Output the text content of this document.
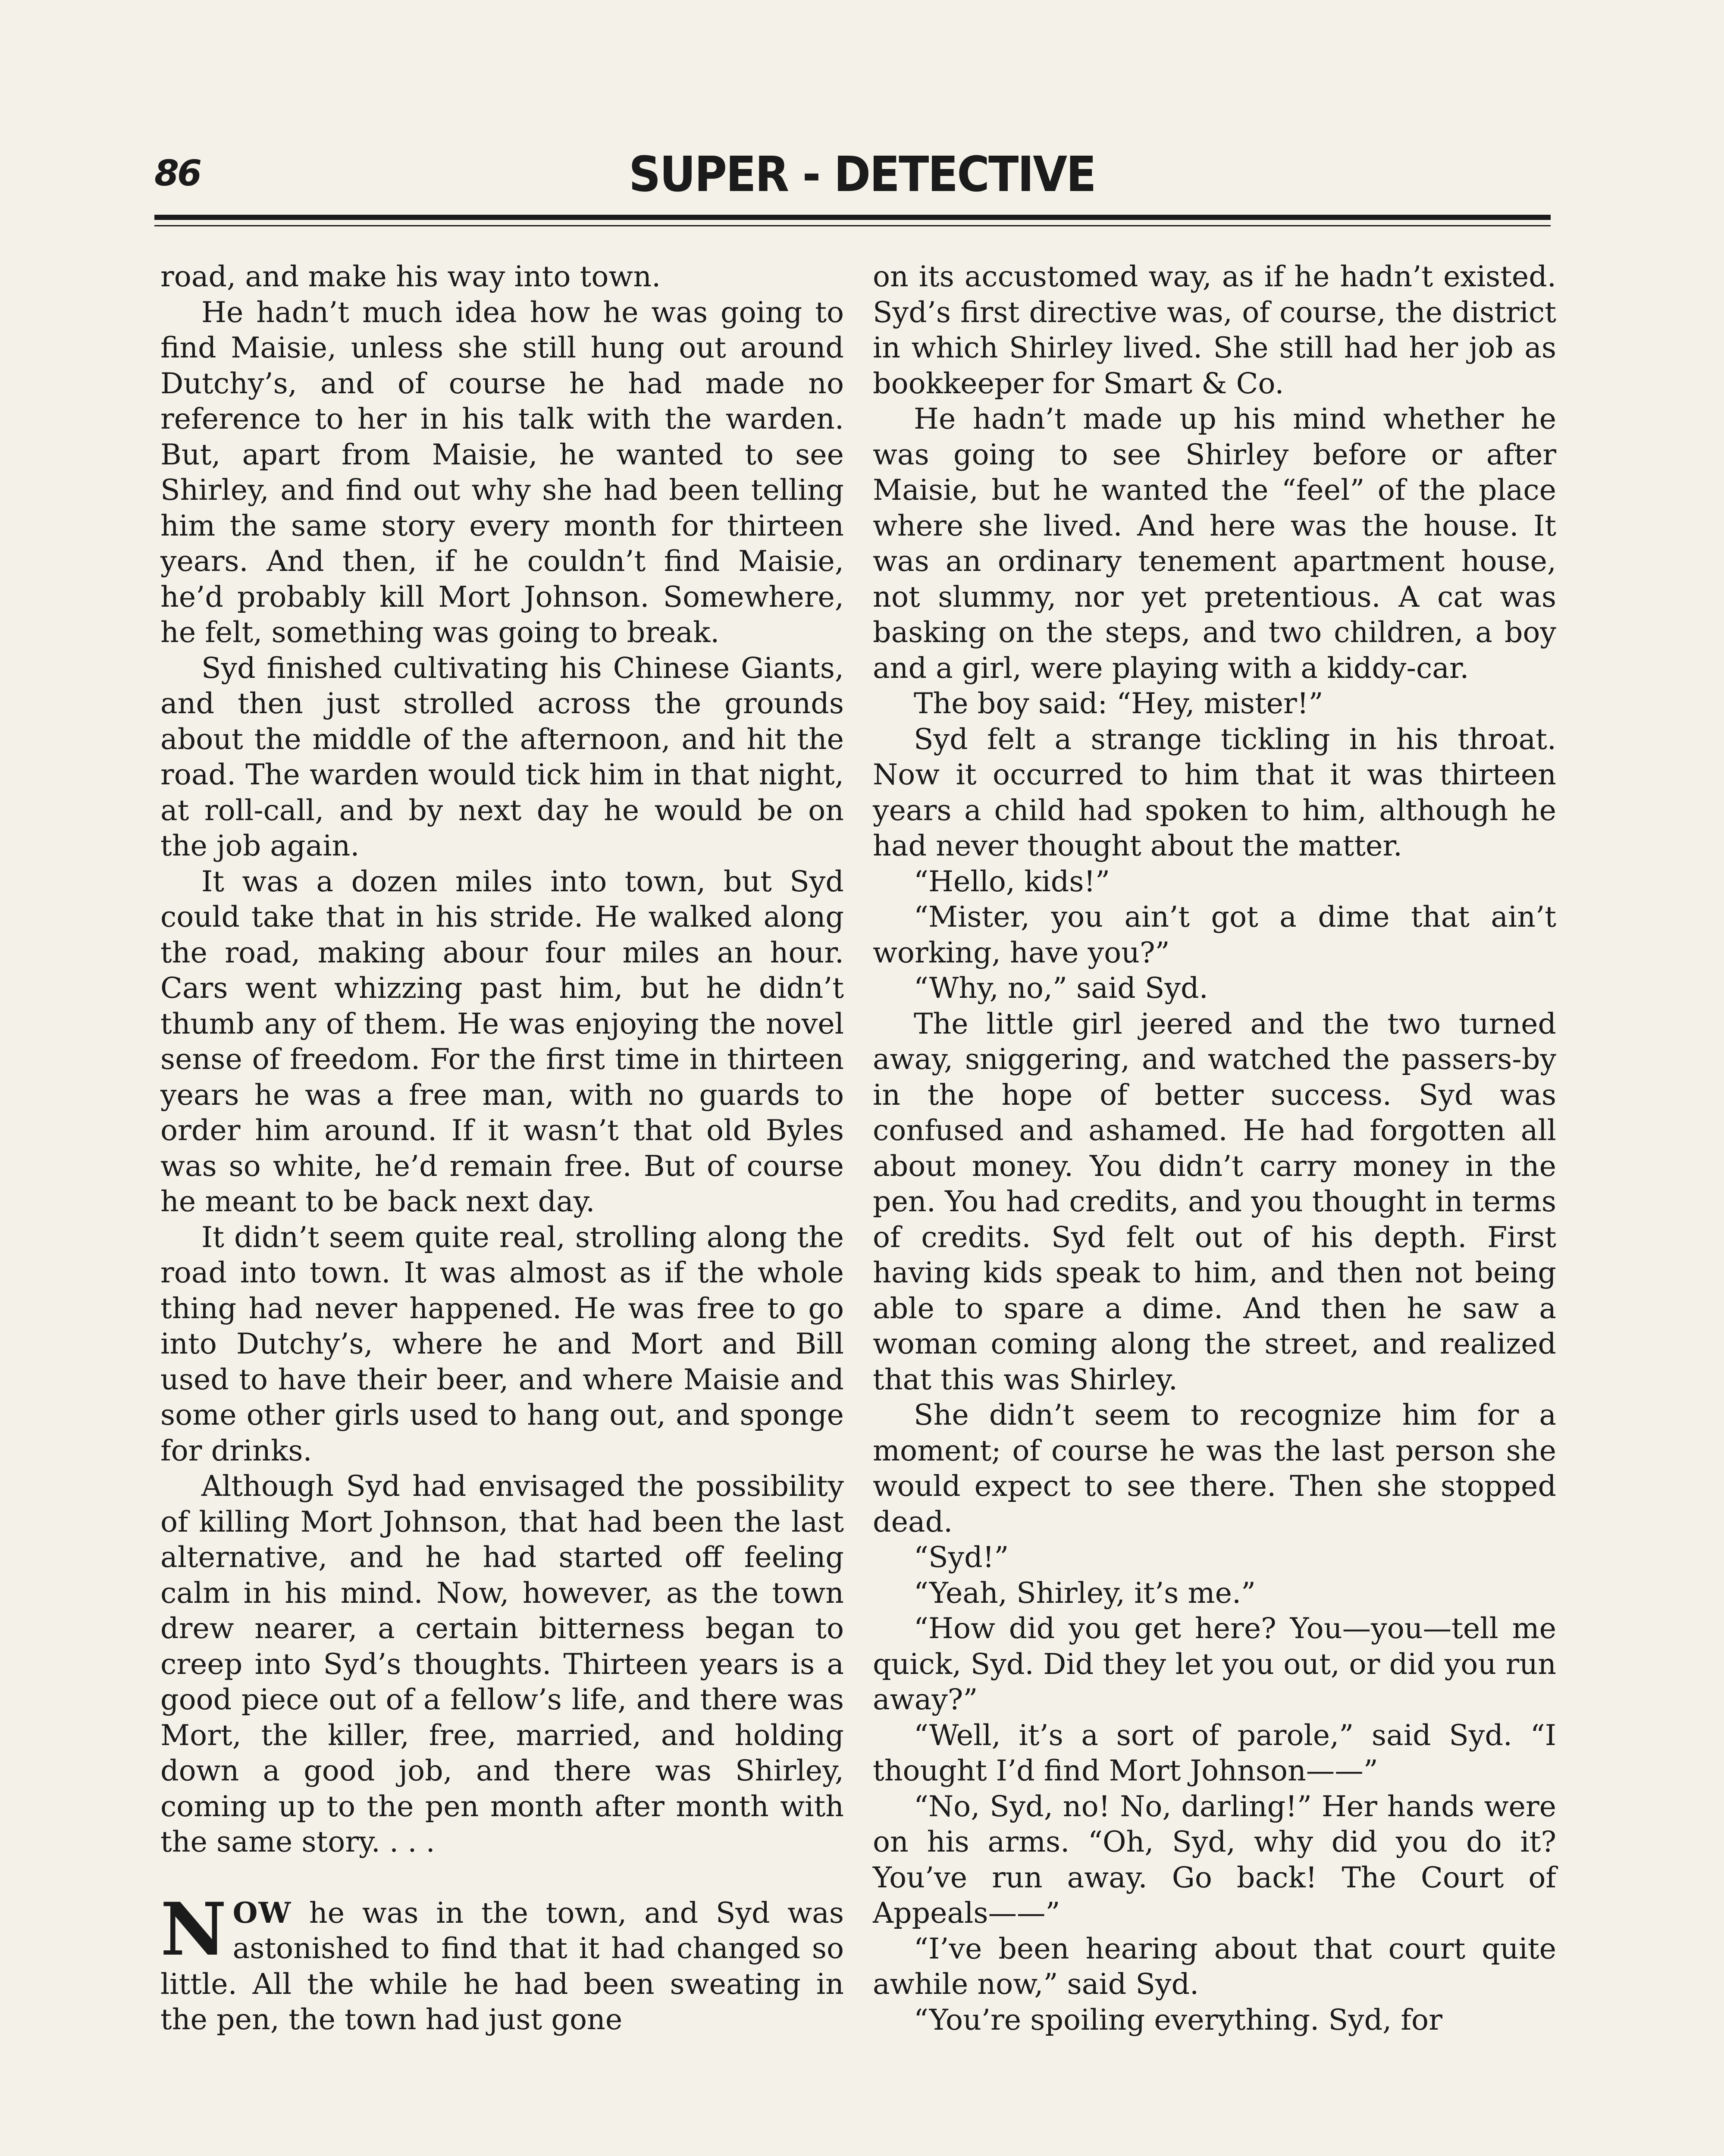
86	SUPER - DETECTIVE

road, and make his way into town.

He hadn’t much idea how he was going to find Maisie, unless she still hung out around Dutchy’s, and of course he had made no reference to her in his talk with the warden. But, apart from Maisie, he wanted to see Shirley, and find out why she had been telling him the same story every month for thirteen years. And then, if he couldn’t find Maisie, he’d probably kill Mort Johnson. Somewhere, he felt, something was going to break.

Syd finished cultivating his Chinese Giants, and then just strolled across the grounds about the middle of the afternoon, and hit the road. The warden would tick him in that night, at roll-call, and by next day he would be on the job again.

It was a dozen miles into town, but Syd could take that in his stride. He walked along the road, making abour four miles an hour. Cars went whizzing past him, but he didn’t thumb any of them. He was enjoying the novel sense of freedom. For the first time in thirteen years he was a free man, with no guards to order him around. If it wasn’t that old Byles was so white, he’d remain free. But of course he meant to be back next day.

It didn’t seem quite real, strolling along the road into town. It was almost as if the whole thing had never happened. He was free to go into Dutchy’s, where he and Mort and Bill used to have their beer, and where Maisie and some other girls used to hang out, and sponge for drinks.

Although Syd had envisaged the possibility of killing Mort Johnson, that had been the last alternative, and he had started off feeling calm in his mind. Now, however, as the town drew nearer, a certain bitterness began to creep into Syd’s thoughts. Thirteen years is a good piece out of a fellow’s life, and there was Mort, the killer, free, married, and holding down a good job, and there was Shirley, coming up to the pen month after month with the same story. . . .

NOW he was in the town, and Syd was astonished to find that it had changed so little. All the while he had been sweating in the pen, the town had just gone

on its accustomed way, as if he hadn’t existed. Syd’s first directive was, of course, the district in which Shirley lived. She still had her job as bookkeeper for Smart & Co.

He hadn’t made up his mind whether he was going to see Shirley before or after Maisie, but he wanted the “feel” of the place where she lived. And here was the house. It was an ordinary tenement apartment house, not slummy, nor yet pretentious. A cat was basking on the steps, and two children, a boy and a girl, were playing with a kiddy-car.

The boy said: “Hey, mister!”

Syd felt a strange tickling in his throat. Now it occurred to him that it was thirteen years a child had spoken to him, although he had never thought about the matter.

“Hello, kids!”

“Mister, you ain’t got a dime that ain’t working, have you?”

“Why, no,” said Syd.

The little girl jeered and the two turned away, sniggering, and watched the passers-by in the hope of better success. Syd was confused and ashamed. He had forgotten all about money. You didn’t carry money in the pen. You had credits, and you thought in terms of credits. Syd felt out of his depth. First having kids speak to him, and then not being able to spare a dime. And then he saw a woman coming along the street, and realized that this was Shirley.

She didn’t seem to recognize him for a moment; of course he was the last person she would expect to see there. Then she stopped dead.

“Syd!”

“Yeah, Shirley, it’s me.”

“How did you get here? You—you—tell me quick, Syd. Did they let you out, or did you run away?”

“Well, it’s a sort of parole,” said Syd. “I thought I’d find Mort Johnson——”

“No, Syd, no! No, darling!” Her hands were on his arms. “Oh, Syd, why did you do it? You’ve run away. Go back! The Court of Appeals——”

“I’ve been hearing about that court quite awhile now,” said Syd.

“You’re spoiling everything. Syd, for
